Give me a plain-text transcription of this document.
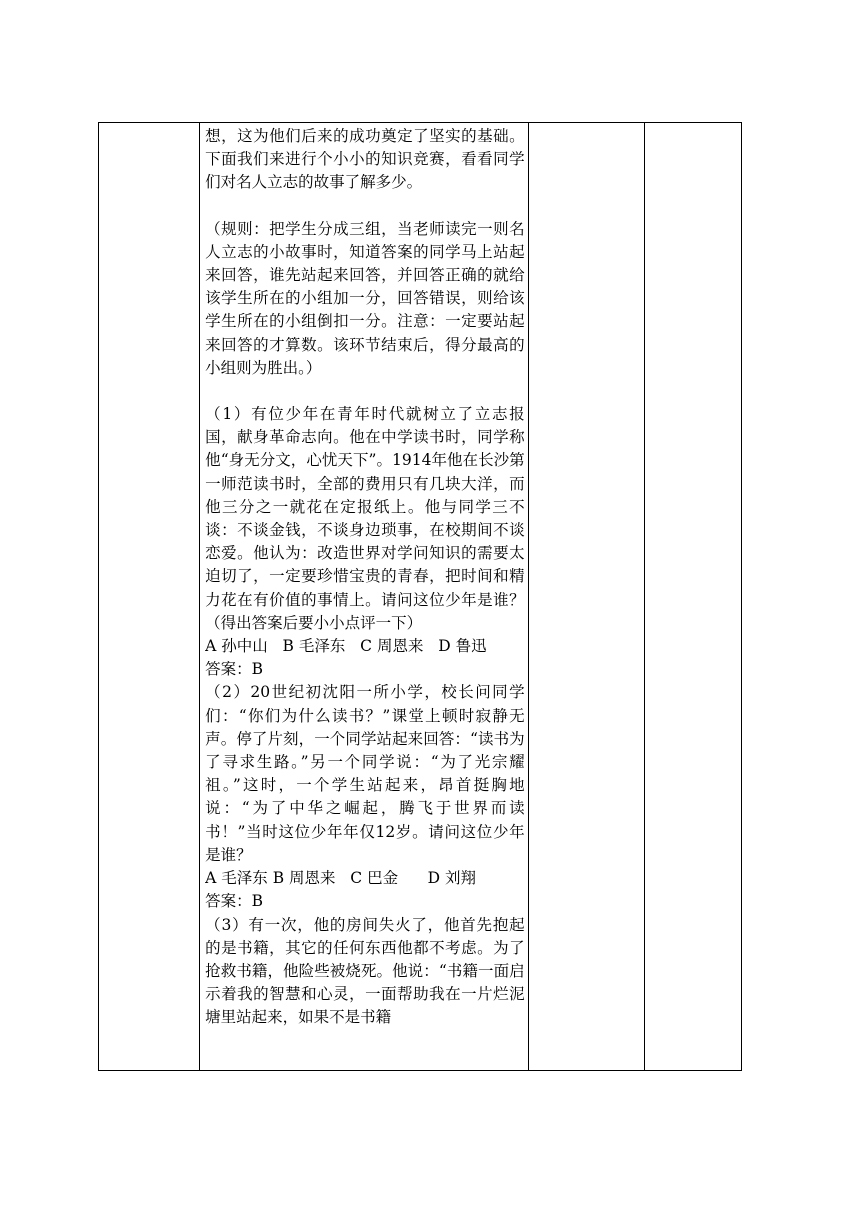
想，这为他们后来的成功奠定了坚实的基础。下面我们来进行个小小的知识竞赛，看看同学们对名人立志的故事了解多少。

（规则：把学生分成三组，当老师读完一则名人立志的小故事时，知道答案的同学马上站起来回答，谁先站起来回答，并回答正确的就给该学生所在的小组加一分，回答错误，则给该学生所在的小组倒扣一分。注意：一定要站起来回答的才算数。该环节结束后，得分最高的小组则为胜出。）

（1）有位少年在青年时代就树立了立志报国，献身革命志向。他在中学读书时，同学称他“身无分文，心忧天下”。1914年他在长沙第一师范读书时，全部的费用只有几块大洋，而他三分之一就花在定报纸上。他与同学三不谈：不谈金钱，不谈身边琐事，在校期间不谈恋爱。他认为：改造世界对学问知识的需要太迫切了，一定要珍惜宝贵的青春，把时间和精力花在有价值的事情上。请问这位少年是谁？（得出答案后要小小点评一下）

A 孙中山   B 毛泽东   C 周恩来   D 鲁迅

答案：B

（2）20世纪初沈阳一所小学，校长问同学们：“你们为什么读书？”课堂上顿时寂静无声。停了片刻，一个同学站起来回答：“读书为了寻求生路。”另一个同学说：“为了光宗耀祖。”这时，一个学生站起来，昂首挺胸地说：“为了中华之崛起，腾飞于世界而读书！”当时这位少年年仅12岁。请问这位少年是谁？

A 毛泽东 B 周恩来   C 巴金      D 刘翔

答案：B

（3）有一次，他的房间失火了，他首先抱起的是书籍，其它的任何东西他都不考虑。为了抢救书籍，他险些被烧死。他说：“书籍一面启示着我的智慧和心灵，一面帮助我在一片烂泥塘里站起来，如果不是书籍
